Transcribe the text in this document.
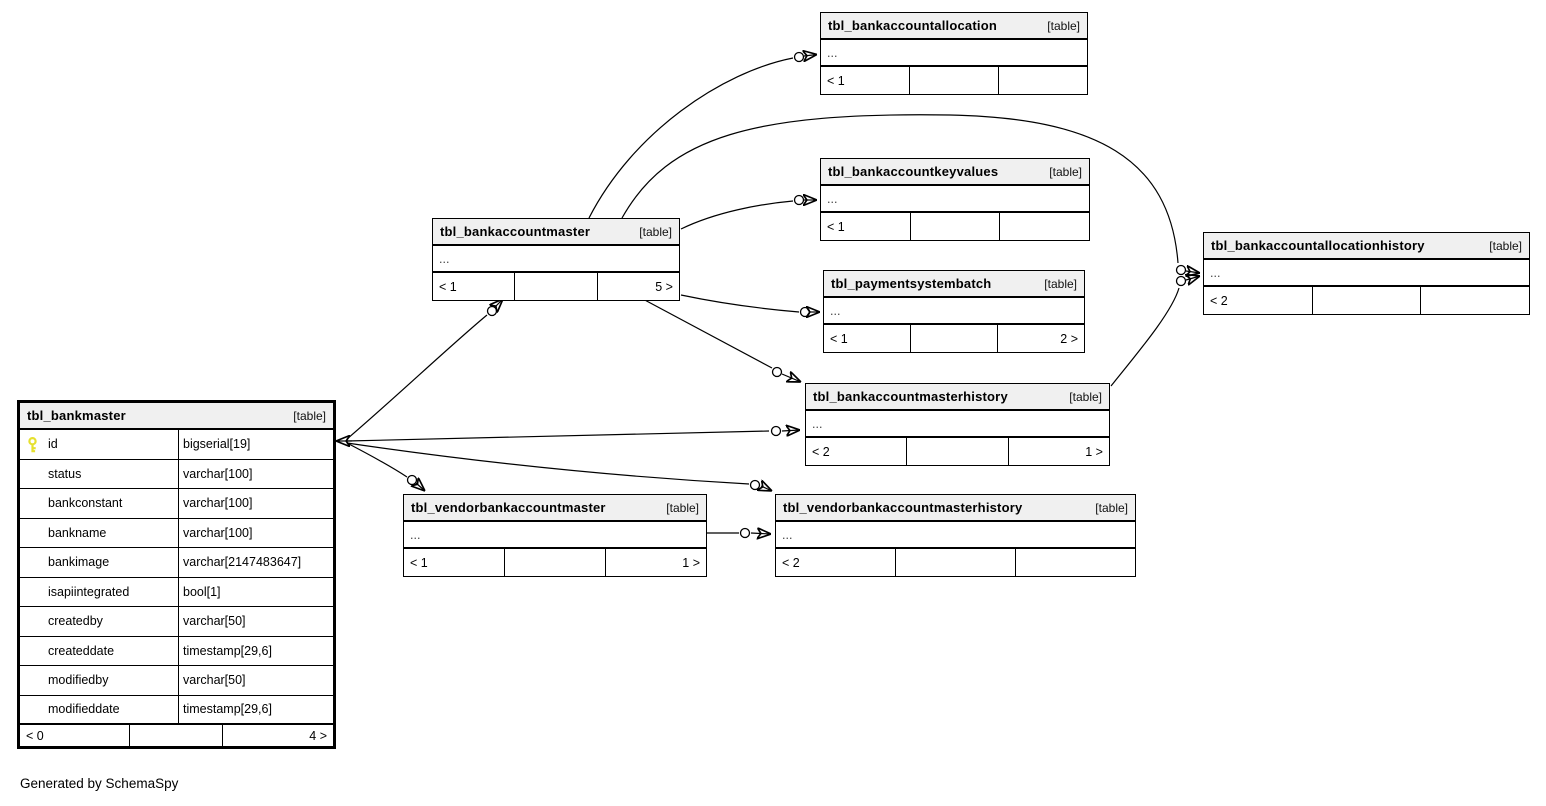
tbl_bankaccountallocation	[table]
...
< 1
tbl_bankaccountkeyvalues	[table]
...
< 1
tbl_bankaccountmaster	[table]
...
< 1	5 >	tbl_paymentsystembatch	[table]
...
< 1	2 >
tbl_bankaccountallocationhistory	[table]
...
< 2
tbl_bankaccountmasterhistory	[table]
...
< 2	1 >
tbl_vendorbankaccountmaster	[table]
...
< 1	1 >
tbl_vendorbankaccountmasterhistory	[table]
...
< 2
tbl_bankmaster	[table]
id	bigserial[19]
status	varchar[100]
bankconstant	varchar[100]
bankname	varchar[100]
bankimage	varchar[2147483647]
isapiintegrated	bool[1]
createdby	varchar[50]
createddate	timestamp[29,6]
modifiedby	varchar[50]
modifieddate	timestamp[29,6]
< 0	4 >
Generated by SchemaSpy
